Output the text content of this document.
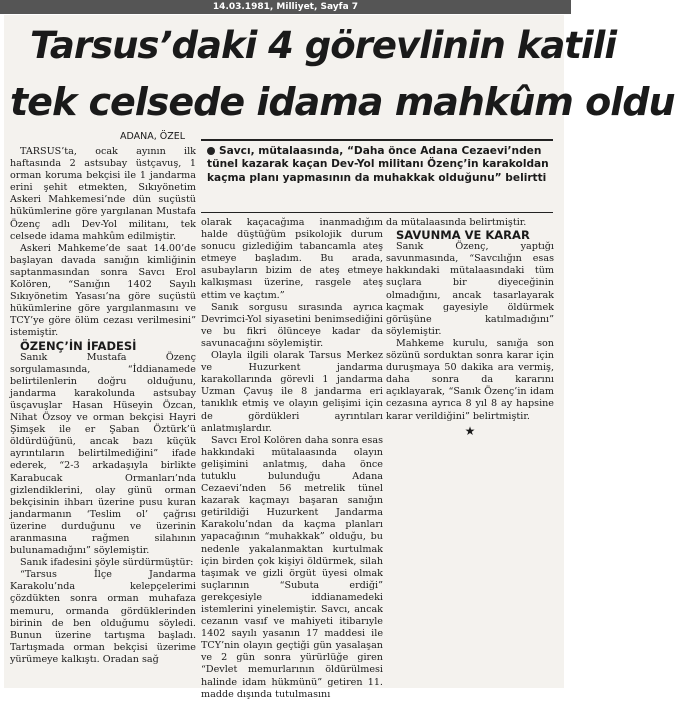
14.03.1981, Milliyet, Sayfa 7
Tarsus’daki 4 görevlinin katili
tek celsede idama mahkûm oldu
ADANA, ÖZEL
Savcı, mütalaasında, “Daha önce Adana Cezaevi’nden tünel kazarak kaçan Dev-Yol militanı Özenç’in karakoldan kaçma planı yapmasının da muhakkak olduğunu” belirtti

TARSUS’ta, ocak ayının ilk haftasında 2 astsubay üstçavuş, 1 orman koruma bekçisi ile 1 jandarma erini şehit etmekten, Sıkıyönetim Askeri Mahkemesi’nde dün suçüstü hükümlerine göre yargılanan Mustafa Özenç adlı Dev-Yol militanı, tek celsede idama mahkûm edilmiştir.

Askeri Mahkeme’de saat 14.00’de başlayan davada sanığın kimliğinin saptanmasından sonra Savcı Erol Kolören, “Sanığın 1402 Sayılı Sıkıyönetim Yasası’na göre suçüstü hükümlerine göre yargılanmasını ve TCY’ye göre ölüm cezası verilmesini” istemiştir.

ÖZENÇ’İN İFADESİ

Sanık Mustafa Özenç sorgulamasında, “İddianamede belirtilenlerin doğru olduğunu, jandarma karakolunda astsubay üsçavuşlar Hasan Hüseyin Özcan, Nihat Özsoy ve orman bekçisi Hayri Şimşek ile er Şaban Öztürk’ü öldürdüğünü, ancak bazı küçük ayrıntıların belirtilmediğini” ifade ederek, “2-3 arkadaşıyla birlikte Karabucak Ormanları’nda gizlendiklerini, olay günü orman bekçisinin ihbarı üzerine pusu kuran jandarmanın ‘Teslim ol’ çağrısı üzerine durduğunu ve üzerinin aranmasına rağmen silahının bulunamadığını” söylemiştir.

Sanık ifadesini şöyle sürdürmüştür:

“Tarsus İlçe Jandarma Karakolu’nda kelepçelerimi çözdükten sonra orman muhafaza memuru, ormanda gördüklerinden birinin de ben olduğumu söyledi. Bunun üzerine tartışma başladı. Tartışmada orman bekçisi üzerime yürümeye kalkıştı. Oradan sağ

olarak kaçacağıma inanmadığım halde düştüğüm psikolojik durum sonucu gizlediğim tabancamla ateş etmeye başladım. Bu arada, asubayların bizim de ateş etmeye kalkışması üzerine, rasgele ateş ettim ve kaçtım.”

Sanık sorgusu sırasında ayrıca Devrimci-Yol siyasetini benimsediğini ve bu fikri ölünceye kadar da savunacağını söylemiştir.

Olayla ilgili olarak Tarsus Merkez ve Huzurkent jandarma karakollarında görevli 1 jandarma Uzman Çavuş ile 8 jandarma eri tanıklık etmiş ve olayın gelişimi için de gördükleri ayrıntıları anlatmışlardır.

Savcı Erol Kolören daha sonra esas hakkındaki mütalaasında olayın gelişimini anlatmış, daha önce tutuklu bulunduğu Adana Cezaevi’nden 56 metrelik tünel kazarak kaçmayı başaran sanığın getirildiği Huzurkent Jandarma Karakolu’ndan da kaçma planları yapacağının “muhakkak” olduğu, bu nedenle yakalanmaktan kurtulmak için birden çok kişiyi öldürmek, silah taşımak ve gizli örgüt üyesi olmak suçlarının “Subuta erdiği” gerekçesiyle iddianamedeki istemlerini yinelemiştir. Savcı, ancak cezanın vasıf ve mahiyeti itibarıyle 1402 sayılı yasanın 17 maddesi ile TCY’nin olayın geçtiği gün yasalaşan ve 2 gün sonra yürürlüğe giren “Devlet memurlarının öldürülmesi halinde idam hükmünü” getiren 11. madde dışında tutulmasını

da mütalaasında belirtmiştir.

SAVUNMA VE KARAR

Sanık Özenç, yaptığı savunmasında, “Savcılığın esas hakkındaki mütalaasındaki tüm suçlara bir diyeceğinin olmadığını, ancak tasarlayarak kaçmak gayesiyle öldürmek görüşüne katılmadığını” söylemiştir.

Mahkeme kurulu, sanığa son sözünü sorduktan sonra karar için duruşmaya 50 dakika ara vermiş, daha sonra da kararını açıklayarak, “Sanık Özenç’in idam cezasına ayrıca 8 yıl 8 ay hapsine karar verildiğini” belirtmiştir.

★
